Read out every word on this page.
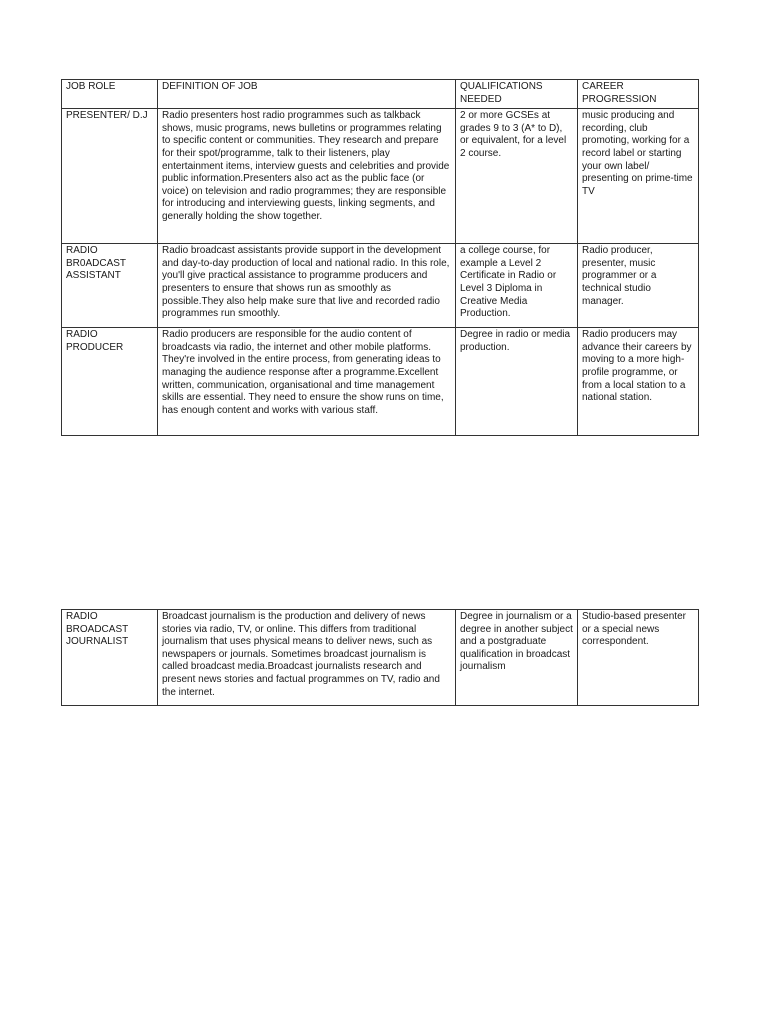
JOB ROLE	DEFINITION OF JOB	QUALIFICATIONS NEEDED	CAREER PROGRESSION
PRESENTER/ D.J	Radio presenters host radio programmes such as talkback shows, music programs, news bulletins or programmes relating to specific content or communities. They research and prepare for their spot/programme, talk to their listeners, play entertainment items, interview guests and celebrities and provide public information.Presenters also act as the public face (or voice) on television and radio programmes; they are responsible for introducing and interviewing guests, linking segments, and generally holding the show together.	2 or more GCSEs at grades 9 to 3 (A* to D), or equivalent, for a level 2 course.	music producing and recording, club promoting, working for a record label or starting your own label/ presenting on prime-time TV
RADIO BR0ADCAST ASSISTANT	Radio broadcast assistants provide support in the development and day-to-day production of local and national radio. In this role, you'll give practical assistance to programme producers and presenters to ensure that shows run as smoothly as possible.They also help make sure that live and recorded radio programmes run smoothly.	a college course, for example a Level 2 Certificate in Radio or Level 3 Diploma in Creative Media Production.	Radio producer, presenter, music programmer or a technical studio manager.
RADIO PRODUCER	Radio producers are responsible for the audio content of broadcasts via radio, the internet and other mobile platforms. They're involved in the entire process, from generating ideas to managing the audience response after a programme.Excellent written, communication, organisational and time management skills are essential. They need to ensure the show runs on time, has enough content and works with various staff.	Degree in radio or media production.	Radio producers may advance their careers by moving to a more high-profile programme, or from a local station to a national station.
RADIO BROADCAST JOURNALIST	Broadcast journalism is the production and delivery of news stories via radio, TV, or online. This differs from traditional journalism that uses physical means to deliver news, such as newspapers or journals. Sometimes broadcast journalism is called broadcast media.Broadcast journalists research and present news stories and factual programmes on TV, radio and the internet.	Degree in journalism or a degree in another subject and a postgraduate qualification in broadcast journalism	Studio-based presenter or a special news correspondent.
